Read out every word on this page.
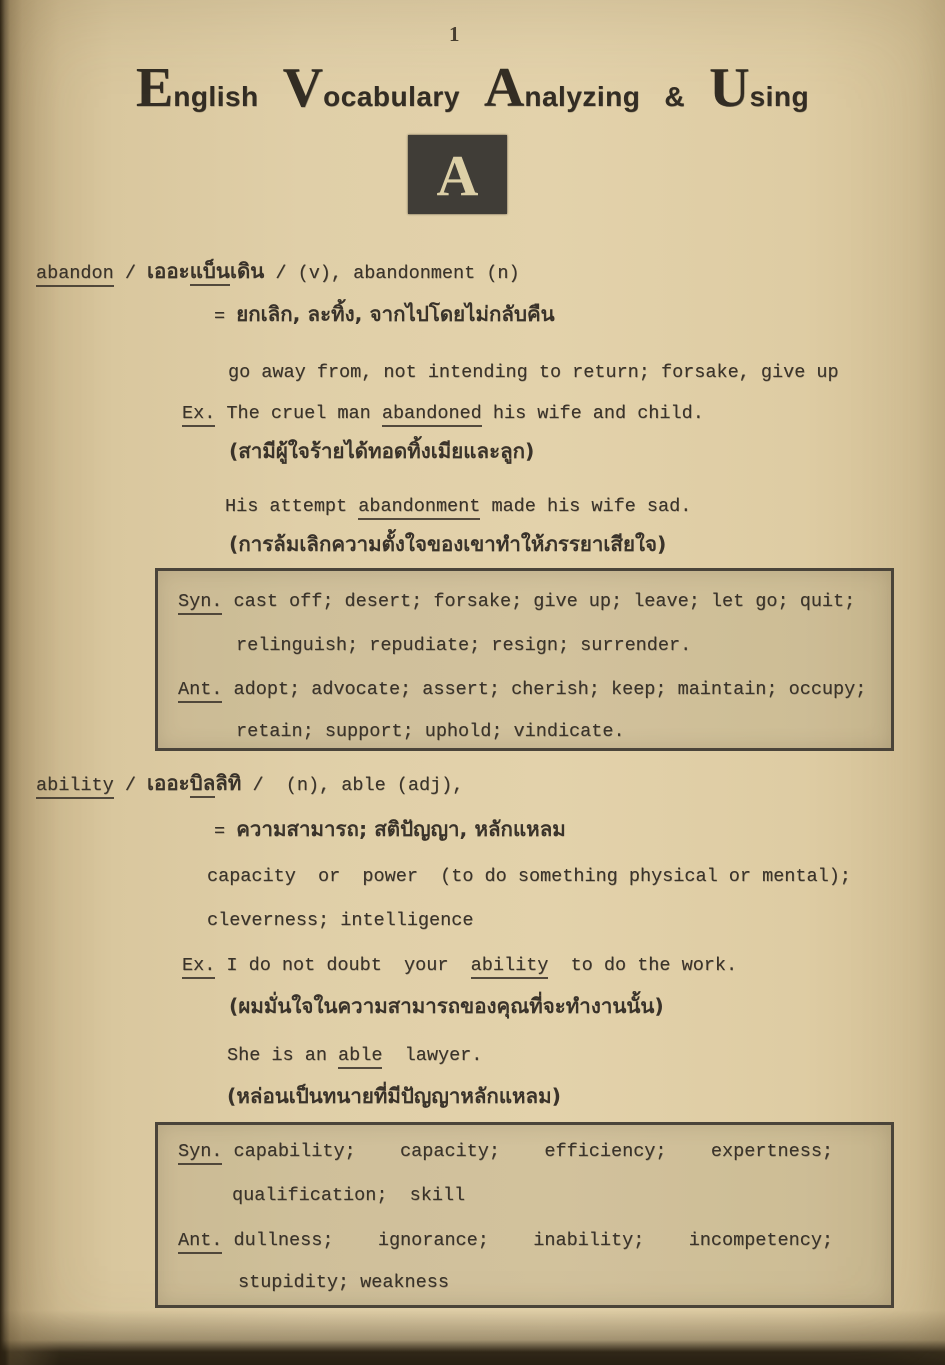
1
E nglish V ocabulary A nalyzing & U sing
A
abandon / เออะแบ็นเดิน / (v), abandonment (n)
= ยกเลิก, ละทิ้ง, จากไปโดยไม่กลับคืน
go away from, not intending to return; forsake, give up
Ex. The cruel man abandoned his wife and child.
(สามีผู้ใจร้ายได้ทอดทิ้งเมียและลูก)
His attempt abandonment made his wife sad.
(การล้มเลิกความตั้งใจของเขาทำให้ภรรยาเสียใจ)
ability / เออะบิลลิทิ /  (n), able (adj),
= ความสามารถ; สติปัญญา, หลักแหลม
capacity  or  power  (to do something physical or mental);
cleverness; intelligence
Ex. I do not doubt  your  ability  to do the work.
(ผมมั่นใจในความสามารถของคุณที่จะทำงานนั้น)
She is an able  lawyer.
(หล่อนเป็นทนายที่มีปัญญาหลักแหลม)
Syn. cast off; desert; forsake; give up; leave; let go; quit;
relinguish; repudiate; resign; surrender.
Ant. adopt; advocate; assert; cherish; keep; maintain; occupy;
retain; support; uphold; vindicate.
Syn. capability;    capacity;    efficiency;    expertness;
qualification;  skill
Ant. dullness;    ignorance;    inability;    incompetency;
stupidity; weakness
